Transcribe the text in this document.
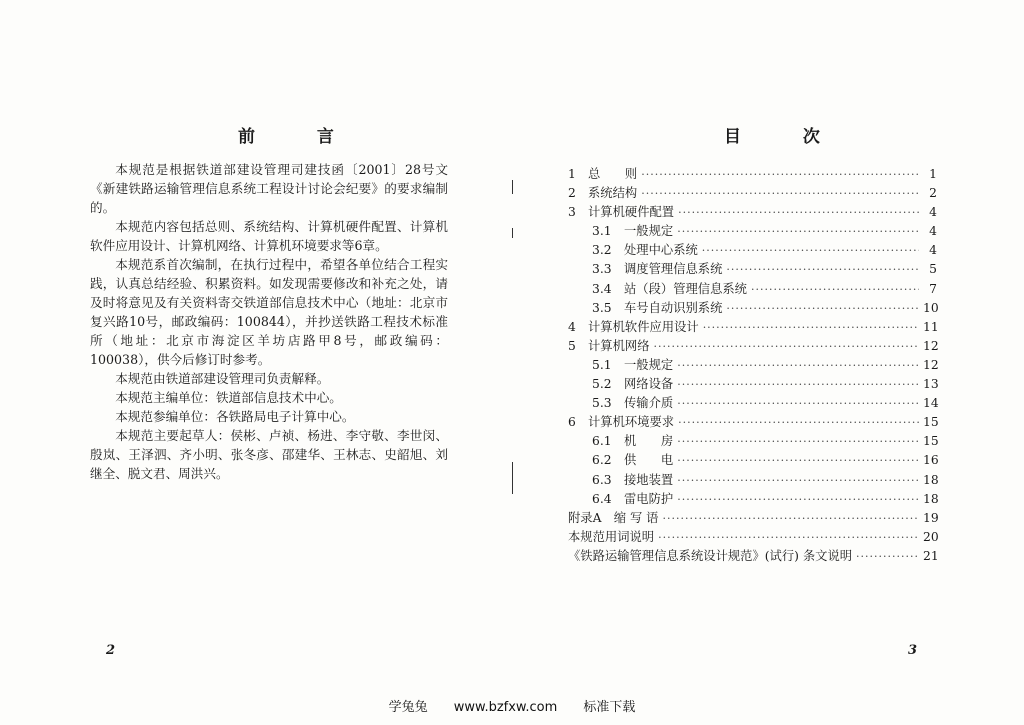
前 言

本规范是根据铁道部建设管理司建技函〔2001〕28号文《新建铁路运输管理信息系统工程设计讨论会纪要》的要求编制的。

本规范内容包括总则、系统结构、计算机硬件配置、计算机软件应用设计、计算机网络、计算机环境要求等6章。

本规范系首次编制，在执行过程中，希望各单位结合工程实践，认真总结经验、积累资料。如发现需要修改和补充之处，请及时将意见及有关资料寄交铁道部信息技术中心（地址：北京市复兴路10号，邮政编码：100844），并抄送铁路工程技术标准所（地址：北京市海淀区羊坊店路甲8号，邮政编码：100038），供今后修订时参考。

本规范由铁道部建设管理司负责解释。

本规范主编单位：铁道部信息技术中心。

本规范参编单位：各铁路局电子计算中心。

本规范主要起草人：侯彬、卢祯、杨进、李守敬、李世闵、殷岚、王泽泗、齐小明、张冬彦、邵建华、王林志、史韶旭、刘继全、脱文君、周洪兴。

2
目 次
1 总　　则 ·····	1
2 系统结构 ·····	2
3 计算机硬件配置 ·····	4
3.1	一般规定 ·····	4
3.2	处理中心系统 ·····	4
3.3	调度管理信息系统 ·····	5
3.4	站（段）管理信息系统 ·····	7
3.5	车号自动识别系统 ·····	10
4 计算机软件应用设计 ·····	11
5 计算机网络 ·····	12
5.1	一般规定 ·····	12
5.2	网络设备 ·····	13
5.3	传输介质 ·····	14
6 计算机环境要求 ·····	15
6.1	机　　房 ·····	15
6.2	供　　电 ·····	16
6.3	接地装置 ·····	18
6.4	雷电防护 ·····	18
附录A　缩 写 语 ·····	19
本规范用词说明 ·····	20
《铁路运输管理信息系统设计规范》(试行) 条文说明 ·····	21
3
学兔兔 www.bzfxw.com 标准下载
